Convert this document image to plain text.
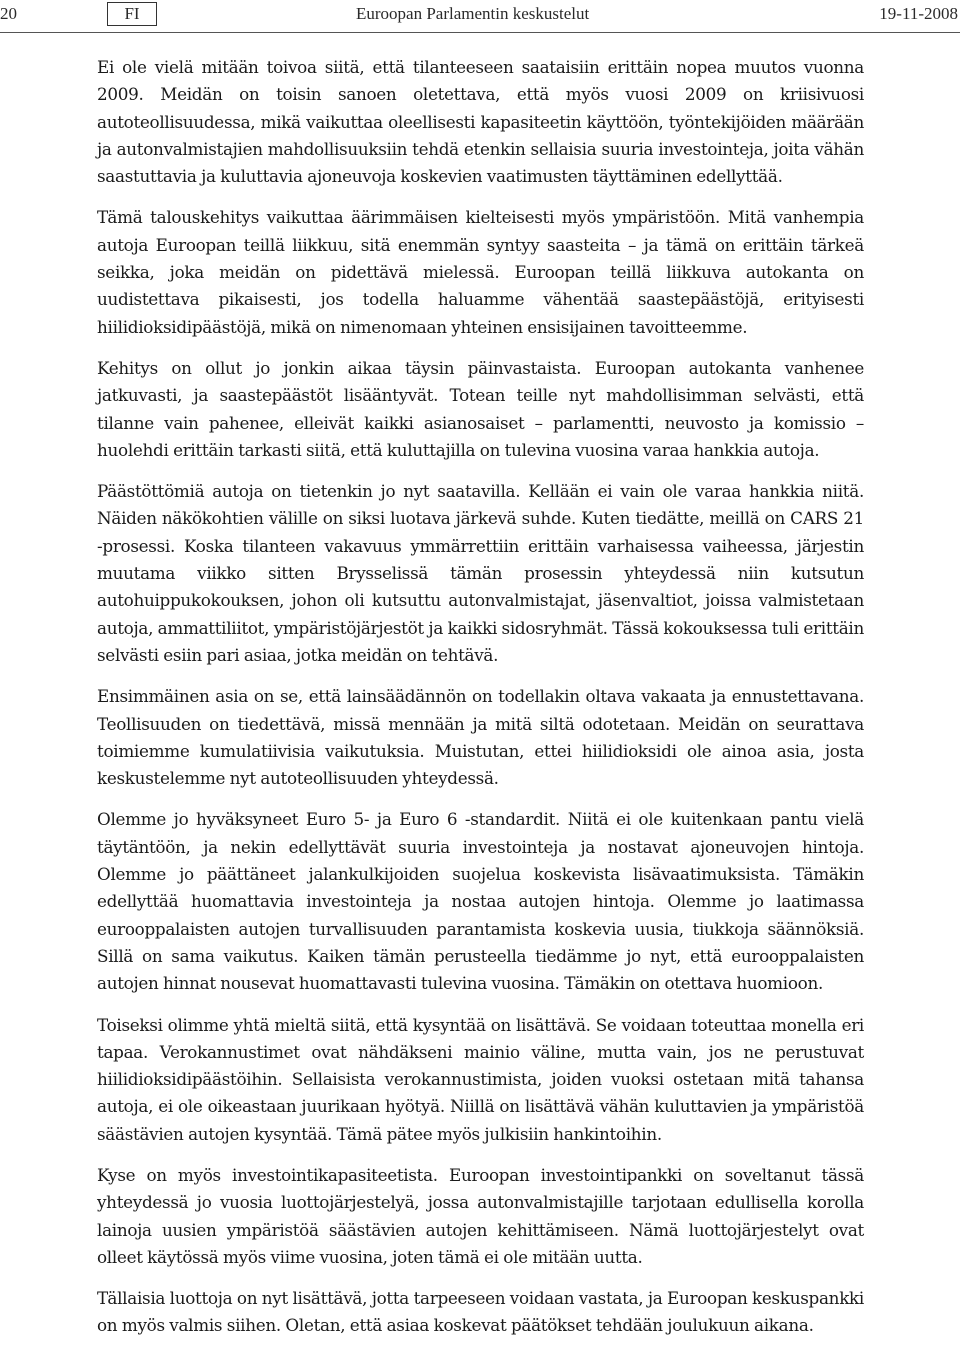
20	FI	Euroopan Parlamentin keskustelut	19-11-2008

Ei ole vielä mitään toivoa siitä, että tilanteeseen saataisiin erittäin nopea muutos vuonna 2009. Meidän on toisin sanoen oletettava, että myös vuosi 2009 on kriisivuosi autoteollisuudessa, mikä vaikuttaa oleellisesti kapasiteetin käyttöön, työntekijöiden määrään ja autonvalmistajien mahdollisuuksiin tehdä etenkin sellaisia suuria investointeja, joita vähän saastuttavia ja kuluttavia ajoneuvoja koskevien vaatimusten täyttäminen edellyttää.

Tämä talouskehitys vaikuttaa äärimmäisen kielteisesti myös ympäristöön. Mitä vanhempia autoja Euroopan teillä liikkuu, sitä enemmän syntyy saasteita – ja tämä on erittäin tärkeä seikka, joka meidän on pidettävä mielessä. Euroopan teillä liikkuva autokanta on uudistettava pikaisesti, jos todella haluamme vähentää saastepäästöjä, erityisesti hiilidioksidipäästöjä, mikä on nimenomaan yhteinen ensisijainen tavoitteemme.

Kehitys on ollut jo jonkin aikaa täysin päinvastaista. Euroopan autokanta vanhenee jatkuvasti, ja saastepäästöt lisääntyvät. Totean teille nyt mahdollisimman selvästi, että tilanne vain pahenee, elleivät kaikki asianosaiset – parlamentti, neuvosto ja komissio – huolehdi erittäin tarkasti siitä, että kuluttajilla on tulevina vuosina varaa hankkia autoja.

Päästöttömiä autoja on tietenkin jo nyt saatavilla. Kellään ei vain ole varaa hankkia niitä. Näiden näkökohtien välille on siksi luotava järkevä suhde. Kuten tiedätte, meillä on CARS 21 -prosessi. Koska tilanteen vakavuus ymmärrettiin erittäin varhaisessa vaiheessa, järjestin muutama viikko sitten Brysselissä tämän prosessin yhteydessä niin kutsutun autohuippukokouksen, johon oli kutsuttu autonvalmistajat, jäsenvaltiot, joissa valmistetaan autoja, ammattiliitot, ympäristöjärjestöt ja kaikki sidosryhmät. Tässä kokouksessa tuli erittäin selvästi esiin pari asiaa, jotka meidän on tehtävä.

Ensimmäinen asia on se, että lainsäädännön on todellakin oltava vakaata ja ennustettavana. Teollisuuden on tiedettävä, missä mennään ja mitä siltä odotetaan. Meidän on seurattava toimiemme kumulatiivisia vaikutuksia. Muistutan, ettei hiilidioksidi ole ainoa asia, josta keskustelemme nyt autoteollisuuden yhteydessä.

Olemme jo hyväksyneet Euro 5- ja Euro 6 -standardit. Niitä ei ole kuitenkaan pantu vielä täytäntöön, ja nekin edellyttävät suuria investointeja ja nostavat ajoneuvojen hintoja. Olemme jo päättäneet jalankulkijoiden suojelua koskevista lisävaatimuksista. Tämäkin edellyttää huomattavia investointeja ja nostaa autojen hintoja. Olemme jo laatimassa eurooppalaisten autojen turvallisuuden parantamista koskevia uusia, tiukkoja säännöksiä. Sillä on sama vaikutus. Kaiken tämän perusteella tiedämme jo nyt, että eurooppalaisten autojen hinnat nousevat huomattavasti tulevina vuosina. Tämäkin on otettava huomioon.

Toiseksi olimme yhtä mieltä siitä, että kysyntää on lisättävä. Se voidaan toteuttaa monella eri tapaa. Verokannustimet ovat nähdäkseni mainio väline, mutta vain, jos ne perustuvat hiilidioksidipäästöihin. Sellaisista verokannustimista, joiden vuoksi ostetaan mitä tahansa autoja, ei ole oikeastaan juurikaan hyötyä. Niillä on lisättävä vähän kuluttavien ja ympäristöä säästävien autojen kysyntää. Tämä pätee myös julkisiin hankintoihin.

Kyse on myös investointikapasiteetista. Euroopan investointipankki on soveltanut tässä yhteydessä jo vuosia luottojärjestelyä, jossa autonvalmistajille tarjotaan edullisella korolla lainoja uusien ympäristöä säästävien autojen kehittämiseen. Nämä luottojärjestelyt ovat olleet käytössä myös viime vuosina, joten tämä ei ole mitään uutta.

Tällaisia luottoja on nyt lisättävä, jotta tarpeeseen voidaan vastata, ja Euroopan keskuspankki on myös valmis siihen. Oletan, että asiaa koskevat päätökset tehdään joulukuun aikana.
